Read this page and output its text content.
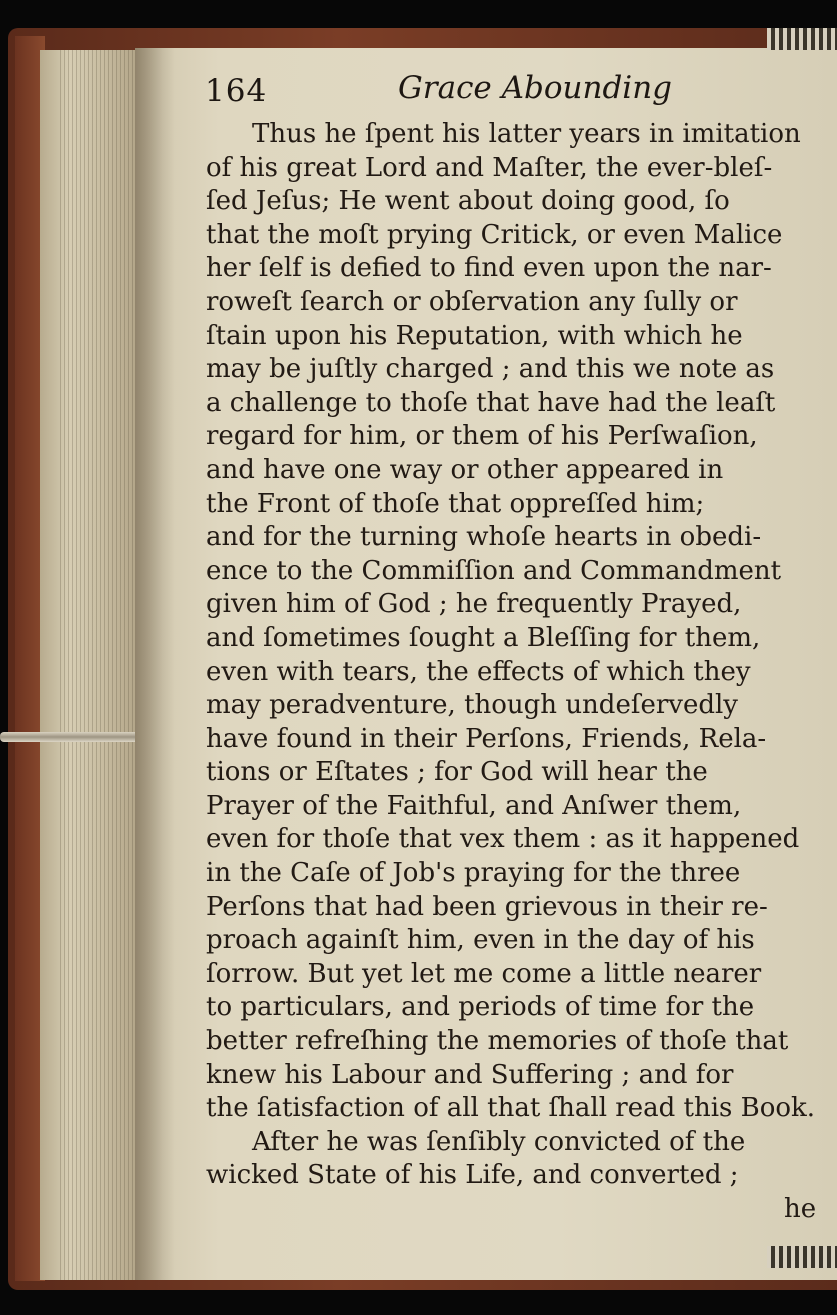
164	Grace Abounding
Thus he ſpent his latter years in imitation
of his great Lord and Maſter, the ever-bleſ-
ſed Jeſus; He went about doing good, ſo
that the moſt prying Critick, or even Malice
her ſelf is defied to find even upon the nar-
roweſt ſearch or obſervation any ſully or
ſtain upon his Reputation, with which he
may be juſtly charged ; and this we note as
a challenge to thoſe that have had the leaſt
regard for him, or them of his Perſwaſion,
and have one way or other appeared in
the Front of thoſe that oppreſſed him;
and for the turning whoſe hearts in obedi-
ence to the Commiſſion and Commandment
given him of God ; he frequently Prayed,
and ſometimes ſought a Bleſſing for them,
even with tears, the effects of which they
may peradventure, though undeſervedly
have found in their Perſons, Friends, Rela-
tions or Eſtates ; for God will hear the
Prayer of the Faithful, and Anſwer them,
even for thoſe that vex them : as it happened
in the Caſe of Job's praying for the three
Perſons that had been grievous in their re-
proach againſt him, even in the day of his
ſorrow. But yet let me come a little nearer
to particulars, and periods of time for the
better refreſhing the memories of thoſe that
knew his Labour and Suffering ; and for
the ſatisfaction of all that ſhall read this Book.
After he was ſenſibly convicted of the
wicked State of his Life, and converted ;
he
